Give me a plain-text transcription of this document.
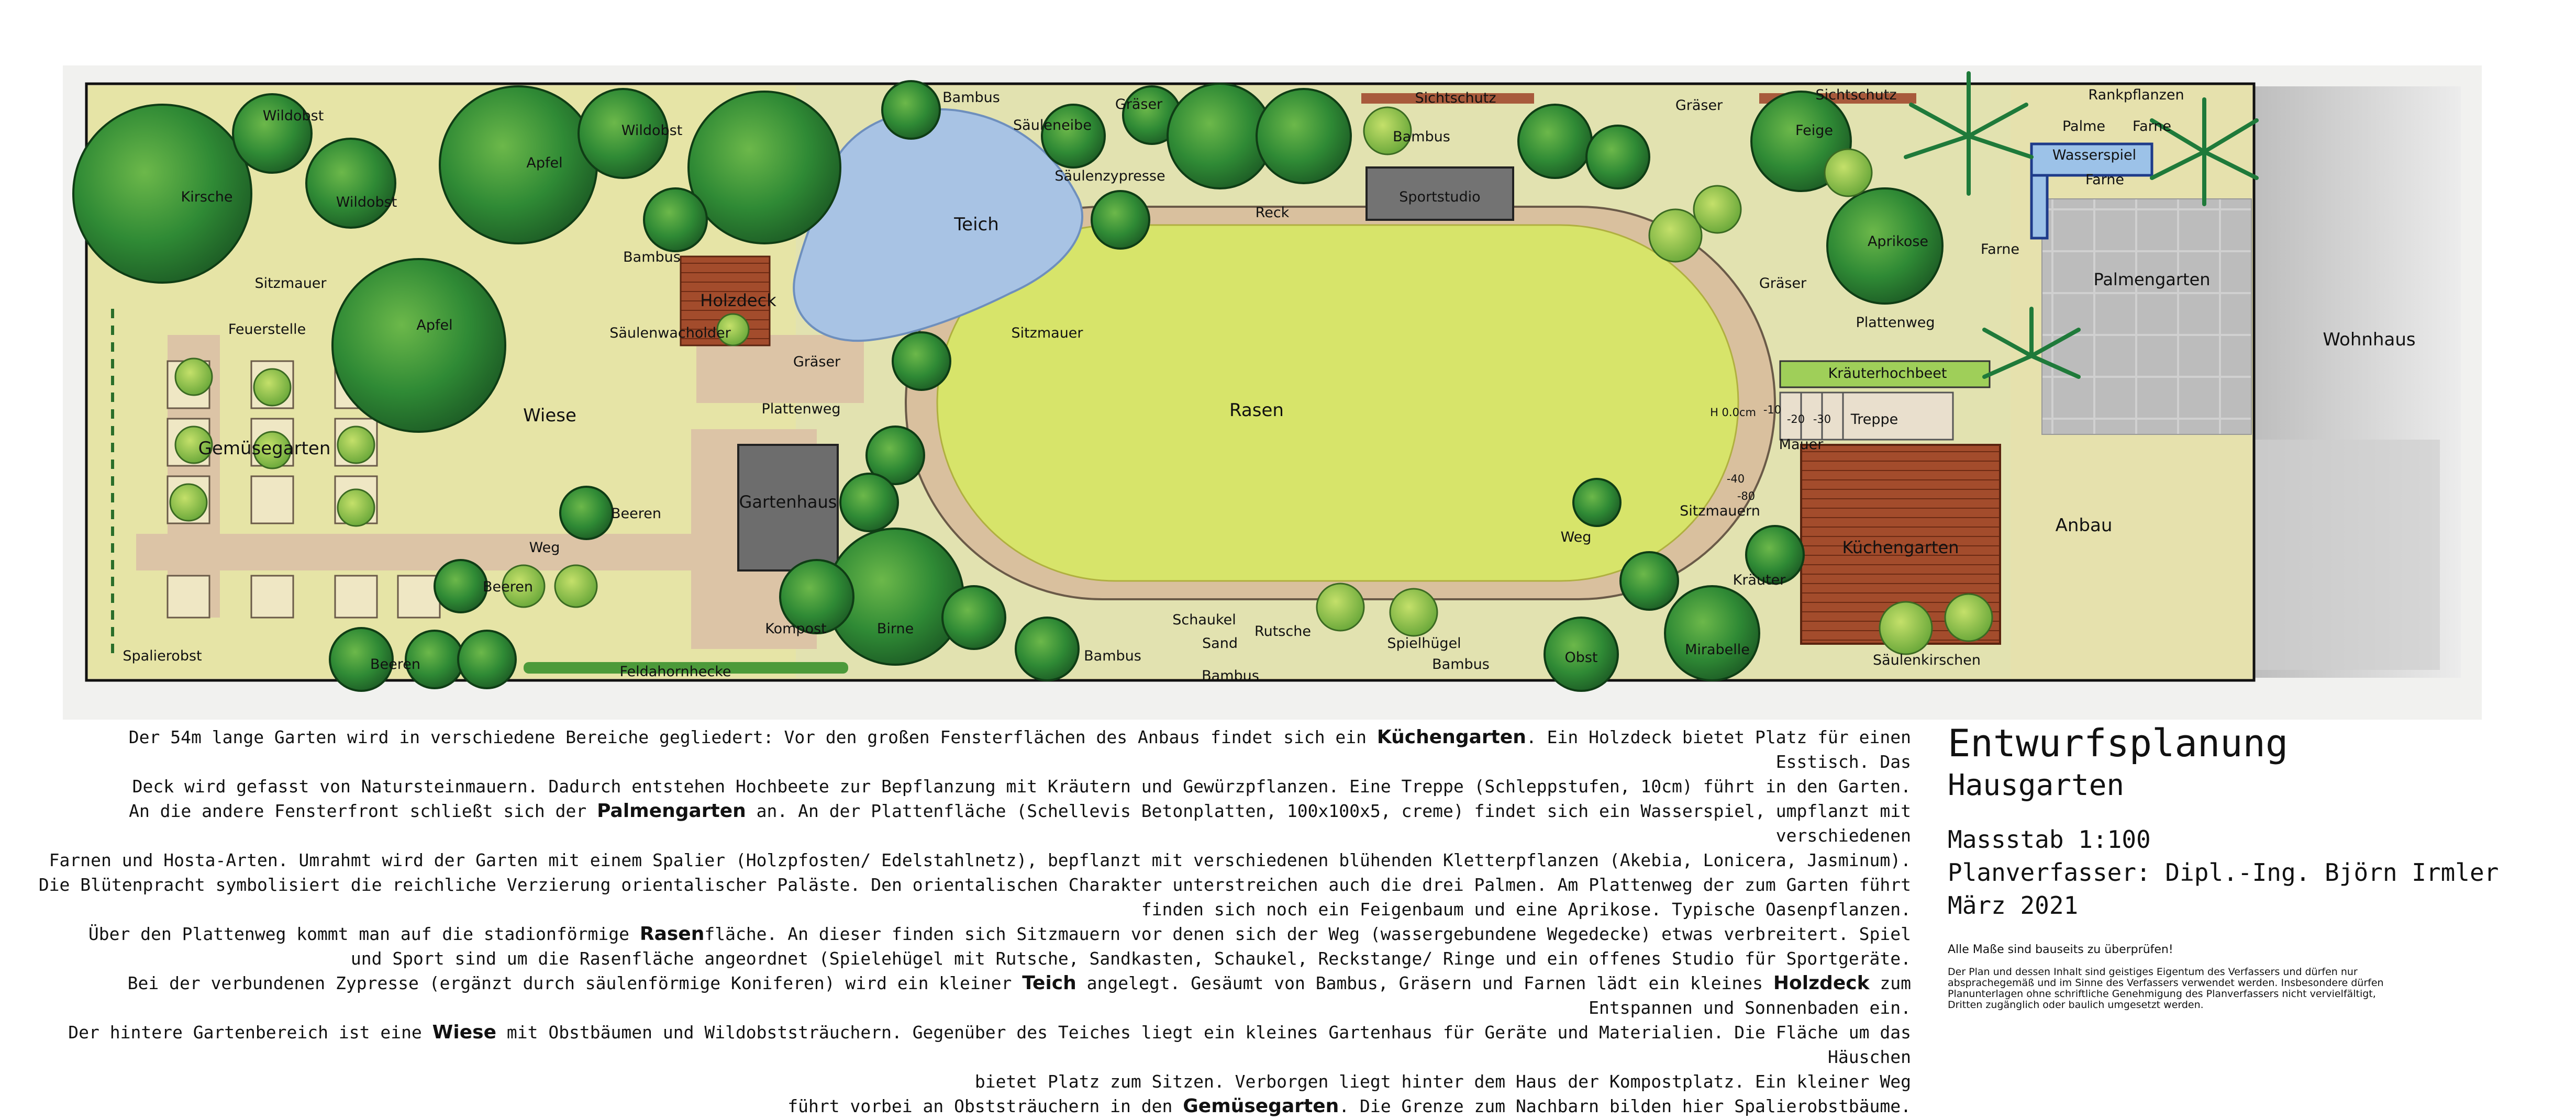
Wildobst
Kirsche	Wildobst
Apfel
Wildobst
Sitzmauer
Feuerstelle	Apfel
Wiese
Gemüsegarten
Spalierobst
Beeren
Beeren
Beeren
Weg
Feldahornhecke
Bambus
Holzdeck
Säulenwacholder
Gräser
Plattenweg
Gartenhaus
Kompost	Birne
Bambus
Säuleneibe
Gräser
Säulenzypresse
Teich
Sitzmauer
Reck
Sichtschutz
Bambus
Sportstudio
Rasen
Weg
Schaukel
Sand
Rutsche
Bambus
Bambus
Spielhügel
Bambus	Obst	Mirabelle
Sitzmauern
Kräuter
Küchengarten
Säulenkirschen
Gräser
Sichtschutz
Feige
Aprikose
Gräser
Plattenweg
Kräuterhochbeet
Treppe
Mauer
H 0.0cm -10
-20 -30
-40
-80
Rankpflanzen
Palme Farne
Wasserspiel
Farne
Farne
Palmengarten
Wohnhaus
Anbau

Der 54m lange Garten wird in verschiedene Bereiche gegliedert: Vor den großen Fensterflächen des Anbaus findet sich ein Küchengarten. Ein Holzdeck bietet Platz für einen Esstisch. Das

Deck wird gefasst von Natursteinmauern. Dadurch entstehen Hochbeete zur Bepflanzung mit Kräutern und Gewürzpflanzen. Eine Treppe (Schleppstufen, 10cm) führt in den Garten.

An die andere Fensterfront schließt sich der Palmengarten an. An der Plattenfläche (Schellevis Betonplatten, 100x100x5, creme) findet sich ein Wasserspiel, umpflanzt mit verschiedenen

Farnen und Hosta-Arten. Umrahmt wird der Garten mit einem Spalier (Holzpfosten/ Edelstahlnetz), bepflanzt mit verschiedenen blühenden Kletterpflanzen (Akebia, Lonicera, Jasminum).

Die Blütenpracht symbolisiert die reichliche Verzierung orientalischer Paläste. Den orientalischen Charakter unterstreichen auch die drei Palmen. Am Plattenweg der zum Garten führt

finden sich noch ein Feigenbaum und eine Aprikose. Typische Oasenpflanzen.

Über den Plattenweg kommt man auf die stadionförmige Rasenfläche. An dieser finden sich Sitzmauern vor denen sich der Weg (wassergebundene Wegedecke) etwas verbreitert. Spiel

und Sport sind um die Rasenfläche angeordnet (Spielehügel mit Rutsche, Sandkasten, Schaukel, Reckstange/ Ringe und ein offenes Studio für Sportgeräte.

Bei der verbundenen Zypresse (ergänzt durch säulenförmige Koniferen) wird ein kleiner Teich angelegt. Gesäumt von Bambus, Gräsern und Farnen lädt ein kleines Holzdeck zum

Entspannen und Sonnenbaden ein.

Der hintere Gartenbereich ist eine Wiese mit Obstbäumen und Wildobststräuchern. Gegenüber des Teiches liegt ein kleines Gartenhaus für Geräte und Materialien. Die Fläche um das Häuschen

bietet Platz zum Sitzen. Verborgen liegt hinter dem Haus der Kompostplatz. Ein kleiner Weg

führt vorbei an Obststräuchern in den Gemüsegarten. Die Grenze zum Nachbarn bilden hier Spalierobstbäume.

Entwurfsplanung
Hausgarten
Massstab 1:100
Planverfasser: Dipl.-Ing. Björn Irmler
März 2021
Alle Maße sind bauseits zu überprüfen!
Der Plan und dessen Inhalt sind geistiges Eigentum des Verfassers und dürfen nur absprachegemäß und im Sinne des Verfassers verwendet werden. Insbesondere dürfen Planunterlagen ohne schriftliche Genehmigung des Planverfassers nicht vervielfältigt, Dritten zugänglich oder baulich umgesetzt werden.
